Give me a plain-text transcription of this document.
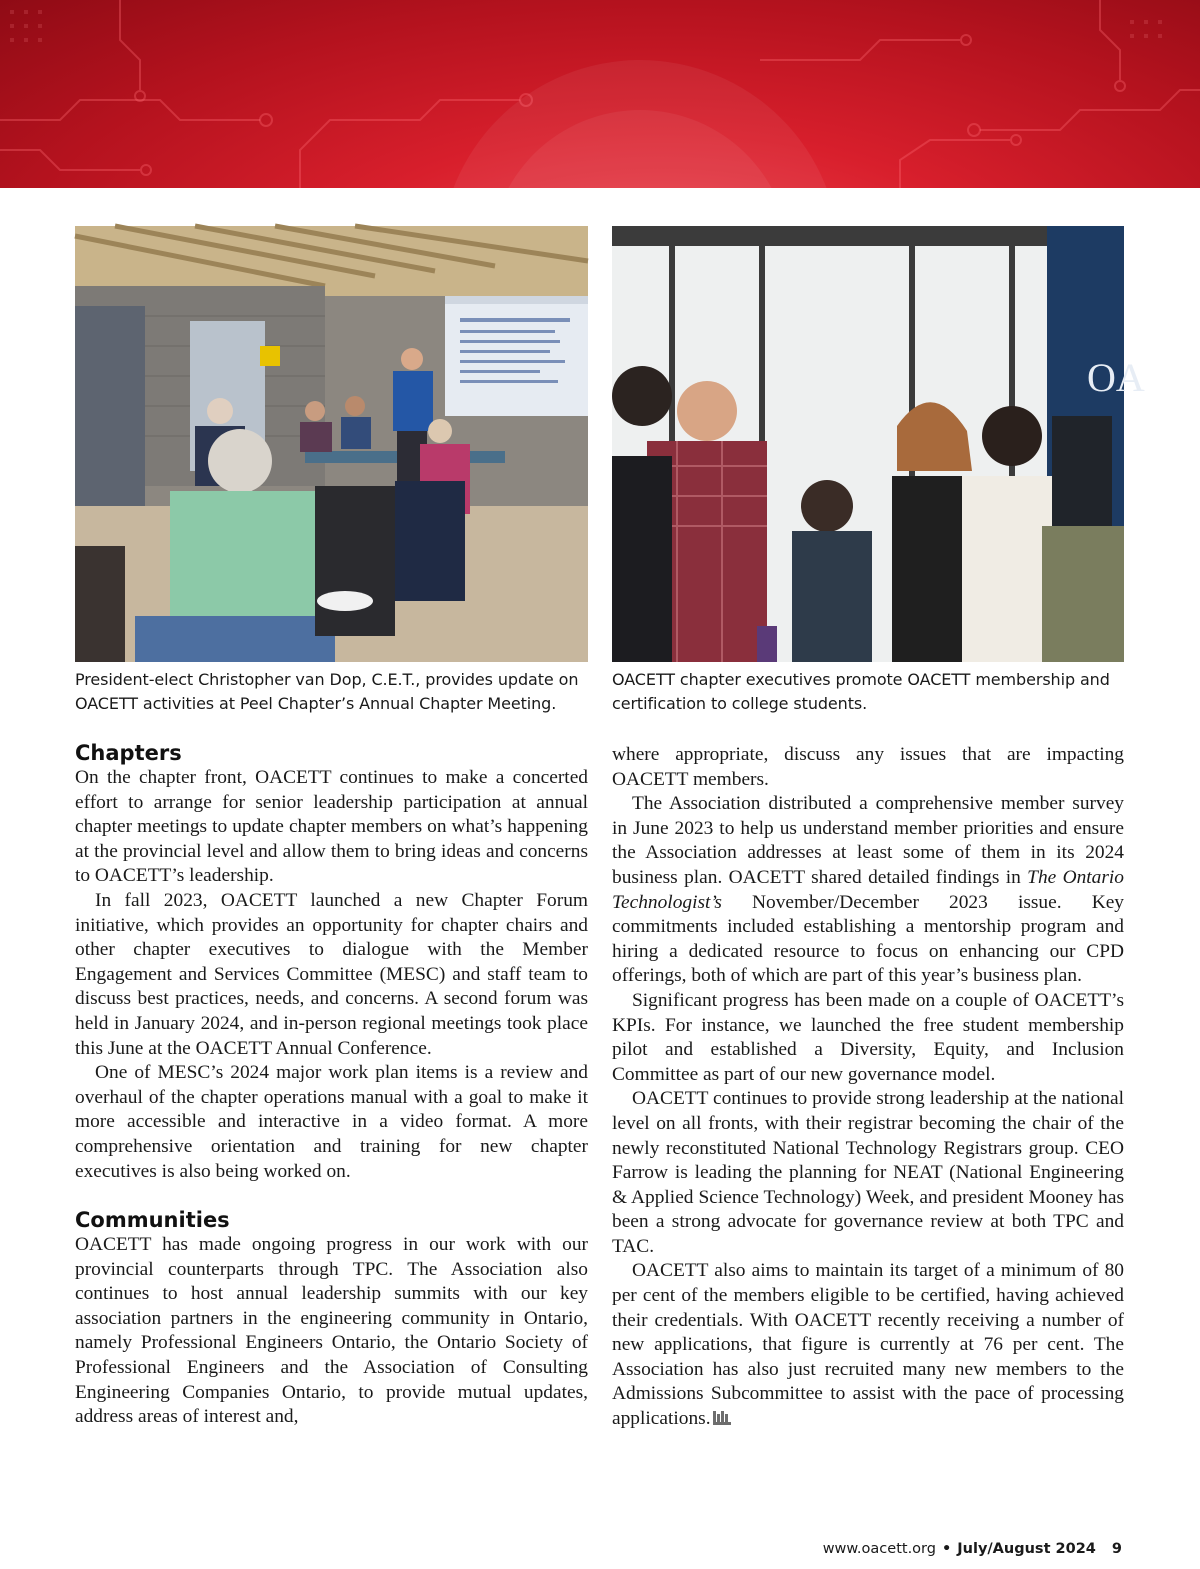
OA
President-elect Christopher van Dop, C.E.T., provides update on OACETT activities at Peel Chapter’s Annual Chapter Meeting.
OACETT chapter executives promote OACETT membership and certification to college students.
Chapters

On the chapter front, OACETT continues to make a concerted effort to arrange for senior leadership participation at annual chapter meetings to update chapter members on what’s happening at the provincial level and allow them to bring ideas and concerns to OACETT’s leadership.

In fall 2023, OACETT launched a new Chapter Forum initiative, which provides an opportunity for chapter chairs and other chapter executives to dialogue with the Member Engagement and Services Committee (MESC) and staff team to discuss best practices, needs, and concerns. A second forum was held in January 2024, and in-person regional meetings took place this June at the OACETT Annual Conference.

One of MESC’s 2024 major work plan items is a review and overhaul of the chapter operations manual with a goal to make it more accessible and interactive in a video format. A more comprehensive orientation and training for new chapter executives is also being worked on.

Communities

OACETT has made ongoing progress in our work with our provincial counterparts through TPC. The Association also continues to host annual leadership summits with our key association partners in the engineering community in Ontario, namely Professional Engineers Ontario, the Ontario Society of Professional Engineers and the Association of Consulting Engineering Companies Ontario, to provide mutual updates, address areas of interest and,

where appropriate, discuss any issues that are impacting OACETT members.

The Association distributed a comprehensive member survey in June 2023 to help us understand member priorities and ensure the Association addresses at least some of them in its 2024 business plan. OACETT shared detailed findings in The Ontario Technologist’s November/December 2023 issue. Key commitments included establishing a mentorship program and hiring a dedicated resource to focus on enhancing our CPD offerings, both of which are part of this year’s business plan.

Significant progress has been made on a couple of OACETT’s KPIs. For instance, we launched the free student membership pilot and established a Diversity, Equity, and Inclusion Committee as part of our new governance model.

OACETT continues to provide strong leadership at the national level on all fronts, with their registrar becoming the chair of the newly reconstituted National Technology Registrars group. CEO Farrow is leading the planning for NEAT (National Engineering & Applied Science Technology) Week, and president Mooney has been a strong advocate for governance review at both TPC and TAC.

OACETT also aims to maintain its target of a minimum of 80 per cent of the members eligible to be certified, having achieved their credentials. With OACETT recently receiving a number of new applications, that figure is currently at 76 per cent. The Association has also just recruited many new members to the Admissions Subcommittee to assist with the pace of processing applications.

www.oacett.org • July/August 2024 9
